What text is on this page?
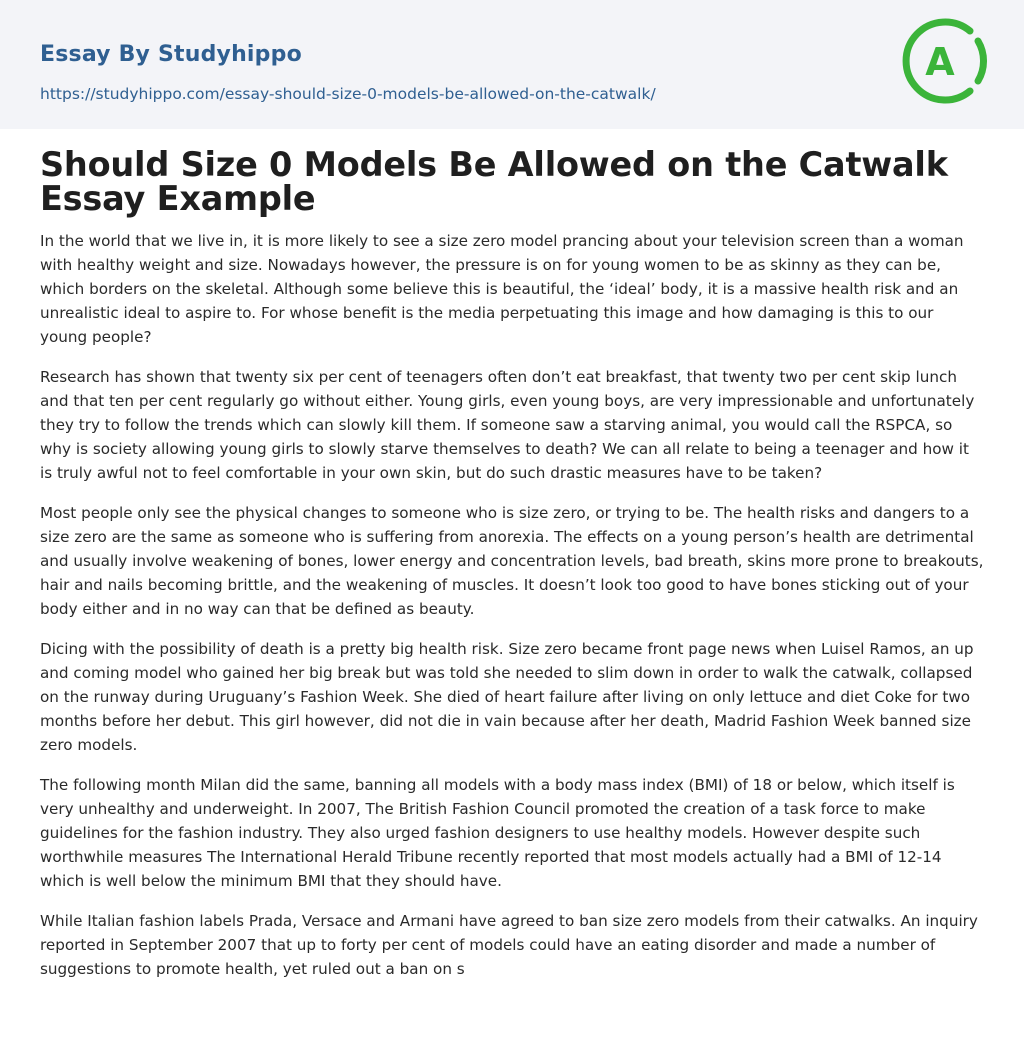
Essay By Studyhippo
https://studyhippo.com/essay-should-size-0-models-be-allowed-on-the-catwalk/
A
Should Size 0 Models Be Allowed on the Catwalk Essay Example

In the world that we live in, it is more likely to see a size zero model prancing about your television screen than a woman with healthy weight and size. Nowadays however, the pressure is on for young women to be as skinny as they can be, which borders on the skeletal. Although some believe this is beautiful, the ‘ideal’ body, it is a massive health risk and an unrealistic ideal to aspire to. For whose benefit is the media perpetuating this image and how damaging is this to our young people?

Research has shown that twenty six per cent of teenagers often don’t eat breakfast, that twenty two per cent skip lunch and that ten per cent regularly go without either. Young girls, even young boys, are very impressionable and unfortunately they try to follow the trends which can slowly kill them. If someone saw a starving animal, you would call the RSPCA, so why is society allowing young girls to slowly starve themselves to death? We can all relate to being a teenager and how it is truly awful not to feel comfortable in your own skin, but do such drastic measures have to be taken?

Most people only see the physical changes to someone who is size zero, or trying to be. The health risks and dangers to a size zero are the same as someone who is suffering from anorexia. The effects on a young person’s health are detrimental and usually involve weakening of bones, lower energy and concentration levels, bad breath, skins more prone to breakouts, hair and nails becoming brittle, and the weakening of muscles. It doesn’t look too good to have bones sticking out of your body either and in no way can that be defined as beauty.

Dicing with the possibility of death is a pretty big health risk. Size zero became front page news when Luisel Ramos, an up and coming model who gained her big break but was told she needed to slim down in order to walk the catwalk, collapsed on the runway during Uruguany’s Fashion Week. She died of heart failure after living on only lettuce and diet Coke for two months before her debut. This girl however, did not die in vain because after her death, Madrid Fashion Week banned size zero models.

The following month Milan did the same, banning all models with a body mass index (BMI) of 18 or below, which itself is very unhealthy and underweight. In 2007, The British Fashion Council promoted the creation of a task force to make guidelines for the fashion industry. They also urged fashion designers to use healthy models. However despite such worthwhile measures The International Herald Tribune recently reported that most models actually had a BMI of 12-14 which is well below the minimum BMI that they should have.

While Italian fashion labels Prada, Versace and Armani have agreed to ban size zero models from their catwalks. An inquiry reported in September 2007 that up to forty per cent of models could have an eating disorder and made a number of suggestions to promote health, yet ruled out a ban on s
